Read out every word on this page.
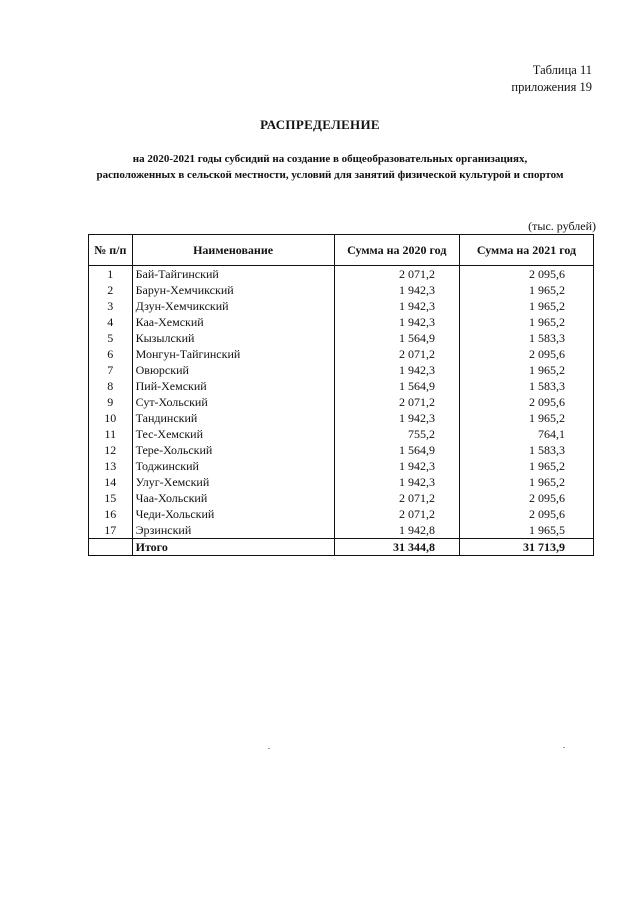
Таблица 11
приложения 19
РАСПРЕДЕЛЕНИЕ
на 2020-2021 годы субсидий на создание в общеобразовательных организациях,
расположенных в сельской местности, условий для занятий физической культурой и спортом
(тыс. рублей)
№ п/п	Наименование	Сумма на 2020 год	Сумма на 2021 год
1	Бай-Тайгинский	2 071,2	2 095,6
2	Барун-Хемчикский	1 942,3	1 965,2
3	Дзун-Хемчикский	1 942,3	1 965,2
4	Каа-Хемский	1 942,3	1 965,2
5	Кызылский	1 564,9	1 583,3
6	Монгун-Тайгинский	2 071,2	2 095,6
7	Овюрский	1 942,3	1 965,2
8	Пий-Хемский	1 564,9	1 583,3
9	Сут-Хольский	2 071,2	2 095,6
10	Тандинский	1 942,3	1 965,2
11	Тес-Хемский	755,2	764,1
12	Тере-Хольский	1 564,9	1 583,3
13	Тоджинский	1 942,3	1 965,2
14	Улуг-Хемский	1 942,3	1 965,2
15	Чаа-Хольский	2 071,2	2 095,6
16	Чеди-Хольский	2 071,2	2 095,6
17	Эрзинский	1 942,8	1 965,5
	Итого	31 344,8	31 713,9
